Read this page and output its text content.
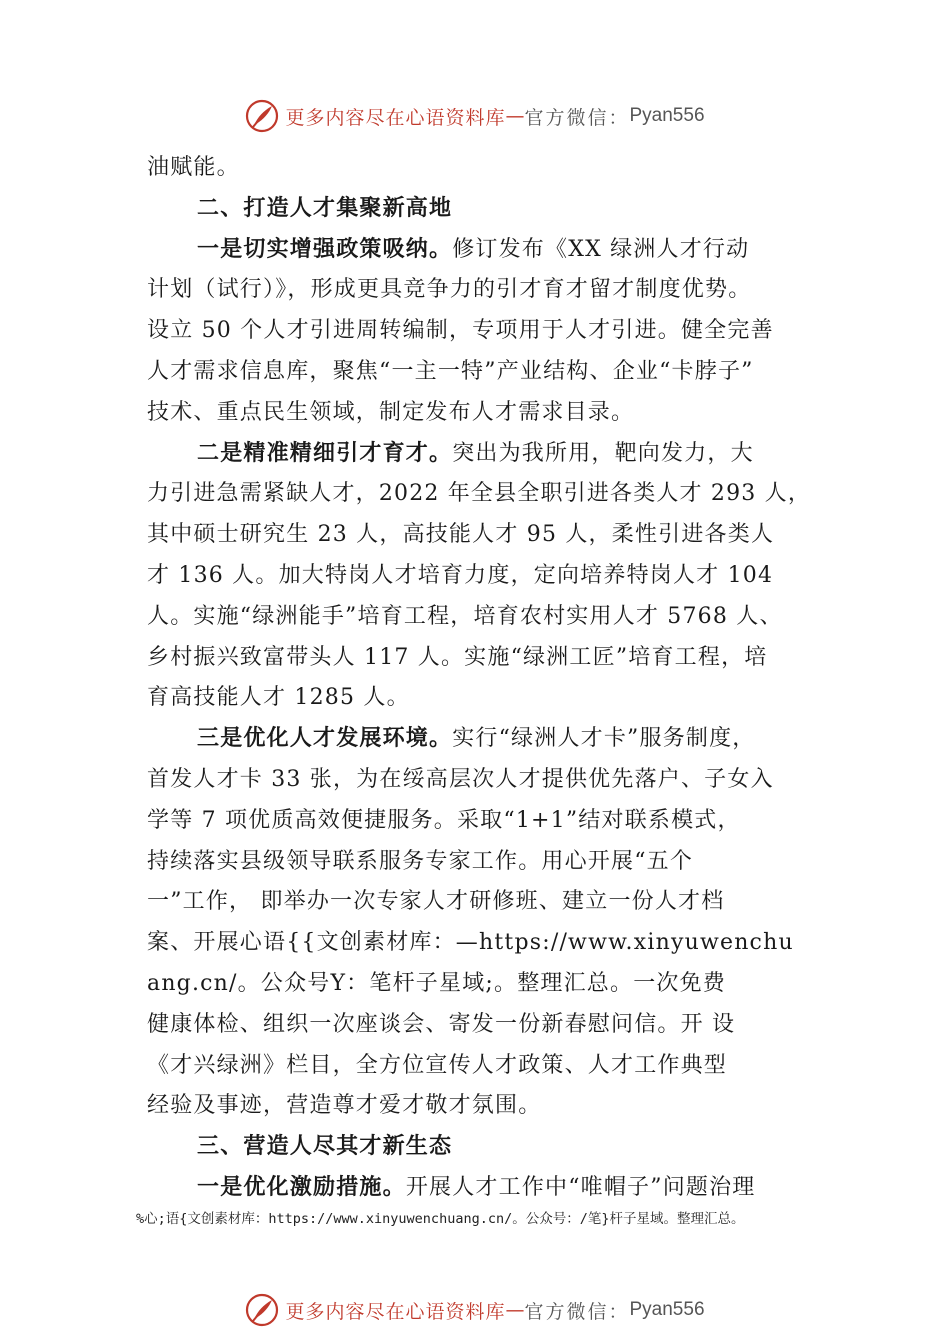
更多内容尽在心语资料库 — 官方微信： Pyan556
油赋能。
二、打造人才集聚新高地
一是切实增强政策吸纳。修订发布《XX 绿洲人才行动
计划（试行）》，形成更具竞争力的引才育才留才制度优势。
设立 50 个人才引进周转编制，专项用于人才引进。健全完善
人才需求信息库，聚焦“一主一特”产业结构、企业“卡脖子”
技术、重点民生领域，制定发布人才需求目录。
二是精准精细引才育才。突出为我所用，靶向发力，大
力引进急需紧缺人才，2022 年全县全职引进各类人才 293 人，
其中硕士研究生 23 人，高技能人才 95 人，柔性引进各类人
才 136 人。加大特岗人才培育力度，定向培养特岗人才 104
人。实施“绿洲能手”培育工程，培育农村实用人才 5768 人、
乡村振兴致富带头人 117 人。实施“绿洲工匠”培育工程，培
育高技能人才 1285 人。
三是优化人才发展环境。实行“绿洲人才卡”服务制度，
首发人才卡 33 张，为在绥高层次人才提供优先落户、子女入
学等 7 项优质高效便捷服务。采取“1+1”结对联系模式，
持续落实县级领导联系服务专家工作。用心开展“五个
一”工作， 即举办一次专家人才研修班、建立一份人才档
案、开展心语{{文创素材库：—https://www.xinyuwenchu
ang.cn/。公众号Y：笔杆子星域;。整理汇总。一次免费
健康体检、组织一次座谈会、寄发一份新春慰问信。开 设
《才兴绿洲》栏目，全方位宣传人才政策、人才工作典型
经验及事迹，营造尊才爱才敬才氛围。
三、营造人尽其才新生态
一是优化激励措施。开展人才工作中“唯帽子”问题治理
%心;语{文创素材库：https://www.xinyuwenchuang.cn/。公众号：/笔}杆子星域。整理汇总。
更多内容尽在心语资料库 — 官方微信： Pyan556
